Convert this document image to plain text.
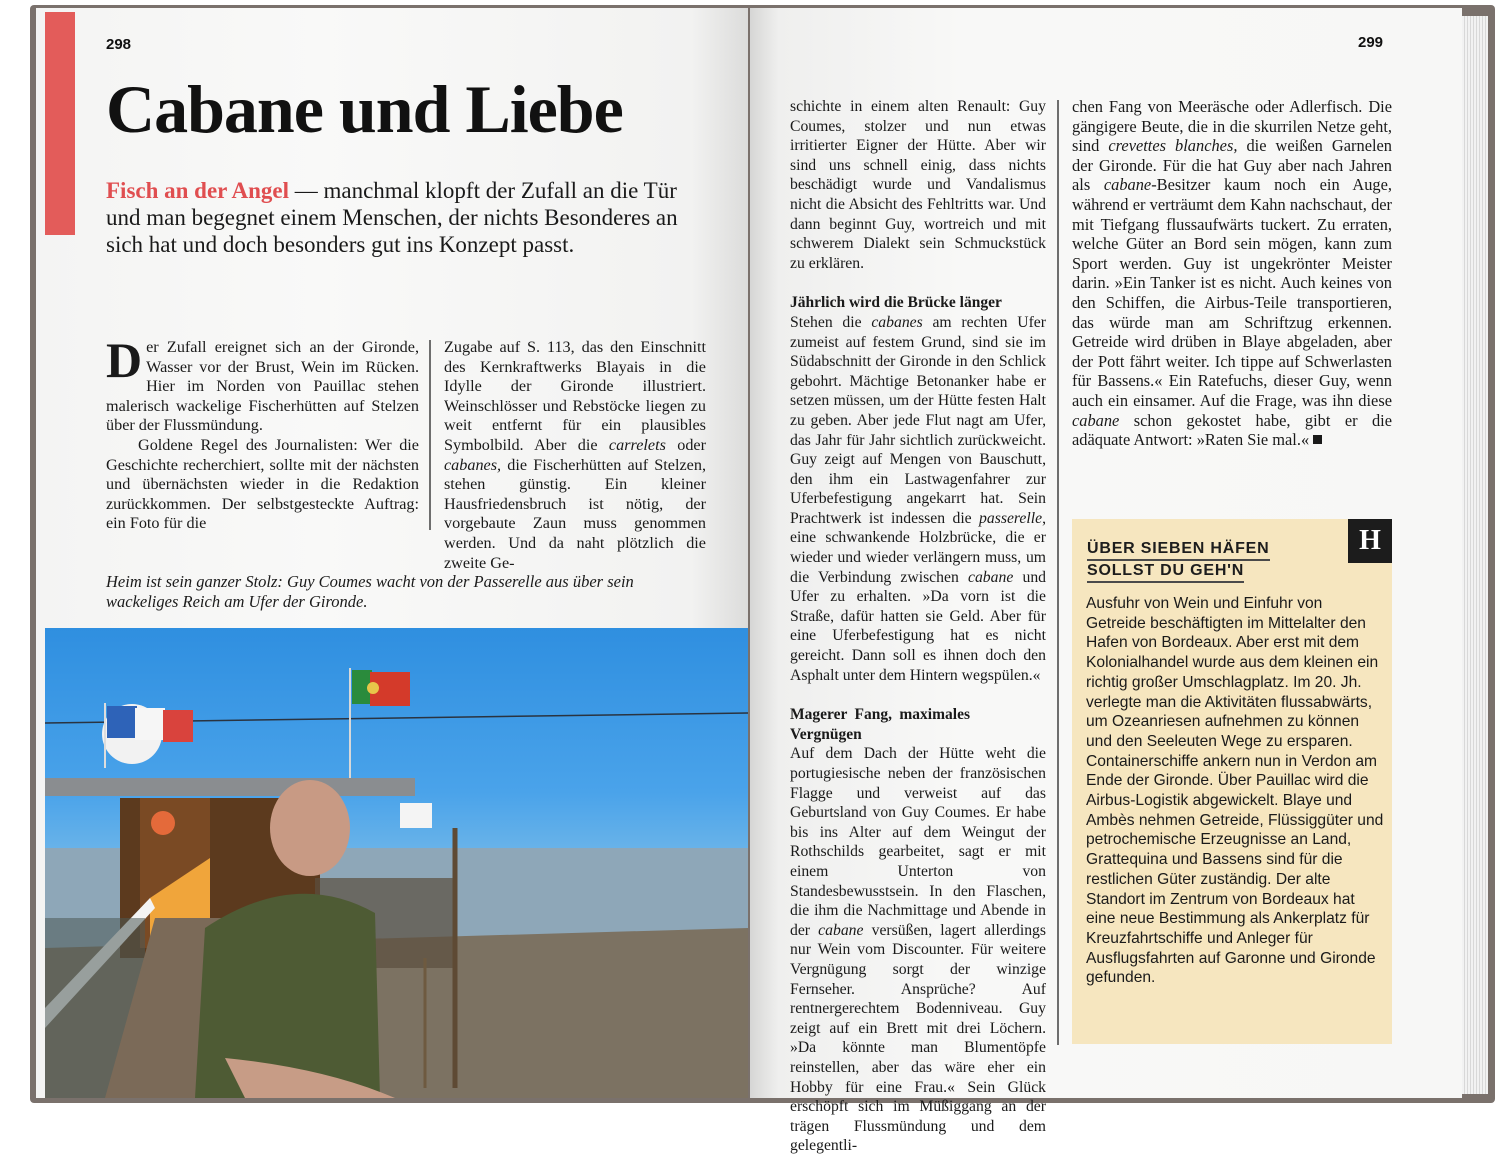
298
Cabane und Liebe
Fisch an der Angel — manchmal klopft der Zufall an die Tür und man begegnet einem Menschen, der nichts Besonderes an sich hat und doch besonders gut ins Konzept passt.

Der Zufall ereignet sich an der Gironde, Wasser vor der Brust, Wein im Rücken. Hier im Norden von Pauillac stehen malerisch wackelige Fischerhütten auf Stelzen über der Flussmündung.

Goldene Regel des Journalisten: Wer die Geschichte recherchiert, sollte mit der nächsten und übernächsten wieder in die Redaktion zurückkommen. Der selbstgesteckte Auftrag: ein Foto für die

Zugabe auf S. 113, das den Einschnitt des Kernkraftwerks Blayais in die Idylle der Gironde illustriert. Weinschlösser und Rebstöcke liegen zu weit entfernt für ein plausibles Symbolbild. Aber die carrelets oder cabanes, die Fischerhütten auf Stelzen, stehen günstig. Ein kleiner Hausfriedensbruch ist nötig, der vorgebaute Zaun muss genommen werden. Und da naht plötzlich die zweite Ge-

Heim ist sein ganzer Stolz: Guy Coumes wacht von der Passerelle aus über sein wackeliges Reich am Ufer der Gironde.
299

schichte in einem alten Renault: Guy Coumes, stolzer und nun etwas irritierter Eigner der Hütte. Aber wir sind uns schnell einig, dass nichts beschädigt wurde und Vandalismus nicht die Absicht des Fehltritts war. Und dann beginnt Guy, wortreich und mit schwerem Dialekt sein Schmuckstück zu erklären.

Jährlich wird die Brücke länger

Stehen die cabanes am rechten Ufer zumeist auf festem Grund, sind sie im Südabschnitt der Gironde in den Schlick gebohrt. Mächtige Betonanker habe er setzen müssen, um der Hütte festen Halt zu geben. Aber jede Flut nagt am Ufer, das Jahr für Jahr sichtlich zurückweicht. Guy zeigt auf Mengen von Bauschutt, den ihm ein Lastwagenfahrer zur Uferbefestigung angekarrt hat. Sein Prachtwerk ist indessen die passerelle, eine schwankende Holzbrücke, die er wieder und wieder verlängern muss, um die Verbindung zwischen cabane und Ufer zu erhalten. »Da vorn ist die Straße, dafür hatten sie Geld. Aber für eine Uferbefestigung hat es nicht gereicht. Dann soll es ihnen doch den Asphalt unter dem Hintern wegspülen.«

Magerer Fang, maximales Vergnügen

Auf dem Dach der Hütte weht die portugiesische neben der französischen Flagge und verweist auf das Geburtsland von Guy Coumes. Er habe bis ins Alter auf dem Weingut der Rothschilds gearbeitet, sagt er mit einem Unterton von Standesbewusstsein. In den Flaschen, die ihm die Nachmittage und Abende in der cabane versüßen, lagert allerdings nur Wein vom Discounter. Für weitere Vergnügung sorgt der winzige Fernseher. Ansprüche? Auf rentnergerechtem Bodenniveau. Guy zeigt auf ein Brett mit drei Löchern. »Da könnte man Blumentöpfe reinstellen, aber das wäre eher ein Hobby für eine Frau.« Sein Glück erschöpft sich im Müßiggang an der trägen Flussmündung und dem gelegentli-

chen Fang von Meeräsche oder Adlerfisch. Die gängigere Beute, die in die skurrilen Netze geht, sind crevettes blanches, die weißen Garnelen der Gironde. Für die hat Guy aber nach Jahren als cabane-Besitzer kaum noch ein Auge, während er verträumt dem Kahn nachschaut, der mit Tiefgang flussaufwärts tuckert. Zu erraten, welche Güter an Bord sein mögen, kann zum Sport werden. Guy ist ungekrönter Meister darin. »Ein Tanker ist es nicht. Auch keines von den Schiffen, die Airbus-Teile transportieren, das würde man am Schriftzug erkennen. Getreide wird drüben in Blaye abgeladen, aber der Pott fährt weiter. Ich tippe auf Schwerlasten für Bassens.« Ein Ratefuchs, dieser Guy, wenn auch ein einsamer. Auf die Frage, was ihn diese cabane schon gekostet habe, gibt er die adäquate Antwort: »Raten Sie mal.«

H
ÜBER SIEBEN HÄFEN
SOLLST DU GEH'N
Ausfuhr von Wein und Einfuhr von Getreide beschäftigten im Mittelalter den Hafen von Bordeaux. Aber erst mit dem Kolonialhandel wurde aus dem kleinen ein richtig großer Umschlagplatz. Im 20. Jh. verlegte man die Aktivitäten flussabwärts, um Ozeanriesen aufnehmen zu können und den Seeleuten Wege zu ersparen. Containerschiffe ankern nun in Verdon am Ende der Gironde. Über Pauillac wird die Airbus-Logistik abgewickelt. Blaye und Ambès nehmen Getreide, Flüssiggüter und petrochemische Erzeugnisse an Land, Grattequina und Bassens sind für die restlichen Güter zuständig. Der alte Standort im Zentrum von Bordeaux hat eine neue Bestimmung als Ankerplatz für Kreuzfahrtschiffe und Anleger für Ausflugsfahrten auf Garonne und Gironde gefunden.
